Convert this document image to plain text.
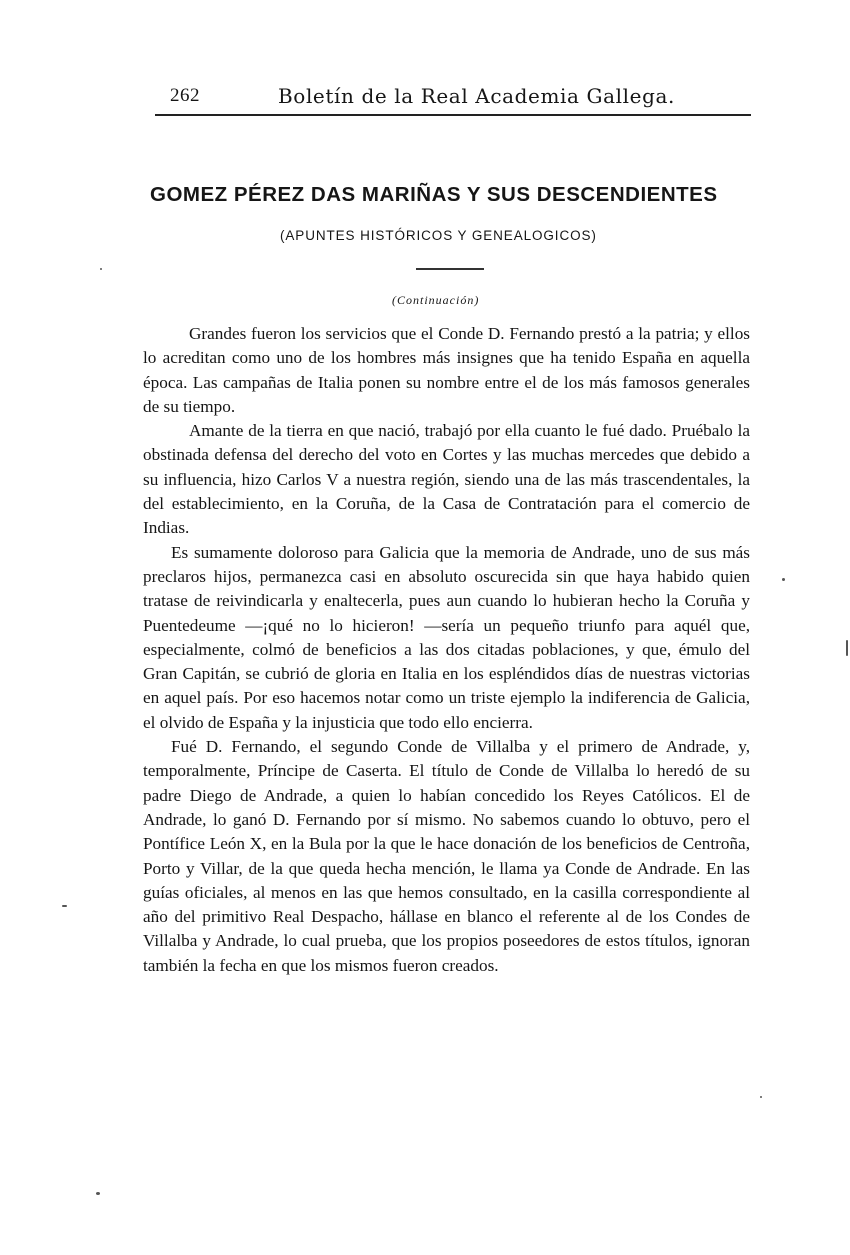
262	Boletín de la Real Academia Gallega.
GOMEZ PÉREZ DAS MARIÑAS Y SUS DESCENDIENTES
(APUNTES HISTÓRICOS Y GENEALOGICOS)
(Continuación)

Grandes fueron los servicios que el Conde D. Fernando prestó a la patria; y ellos lo acreditan como uno de los hombres más insignes que ha tenido España en aquella época. Las campañas de Italia ponen su nombre entre el de los más famosos generales de su tiempo.

Amante de la tierra en que nació, trabajó por ella cuanto le fué dado. Pruébalo la obstinada defensa del derecho del voto en Cortes y las muchas mercedes que debido a su influencia, hizo Carlos V a nuestra región, siendo una de las más trascendentales, la del establecimiento, en la Coruña, de la Casa de Contratación para el comercio de Indias.

Es sumamente doloroso para Galicia que la memoria de Andrade, uno de sus más preclaros hijos, permanezca casi en absoluto oscurecida sin que haya habido quien tratase de reivindicarla y enaltecerla, pues aun cuando lo hubieran hecho la Coruña y Puentedeume —¡qué no lo hicieron! —sería un pequeño triunfo para aquél que, especialmente, colmó de beneficios a las dos citadas poblaciones, y que, émulo del Gran Capitán, se cubrió de gloria en Italia en los espléndidos días de nuestras victorias en aquel país. Por eso hacemos notar como un triste ejemplo la indiferencia de Galicia, el olvido de España y la injusticia que todo ello encierra.

Fué D. Fernando, el segundo Conde de Villalba y el primero de Andrade, y, temporalmente, Príncipe de Caserta. El título de Conde de Villalba lo heredó de su padre Diego de Andrade, a quien lo habían concedido los Reyes Católicos. El de Andrade, lo ganó D. Fernando por sí mismo. No sabemos cuando lo obtuvo, pero el Pontífice León X, en la Bula por la que le hace donación de los beneficios de Centroña, Porto y Villar, de la que queda hecha mención, le llama ya Conde de Andrade. En las guías oficiales, al menos en las que hemos consultado, en la casilla correspondiente al año del primitivo Real Despacho, hállase en blanco el referente al de los Condes de Villalba y Andrade, lo cual prueba, que los propios poseedores de estos títulos, ignoran también la fecha en que los mismos fueron creados.
